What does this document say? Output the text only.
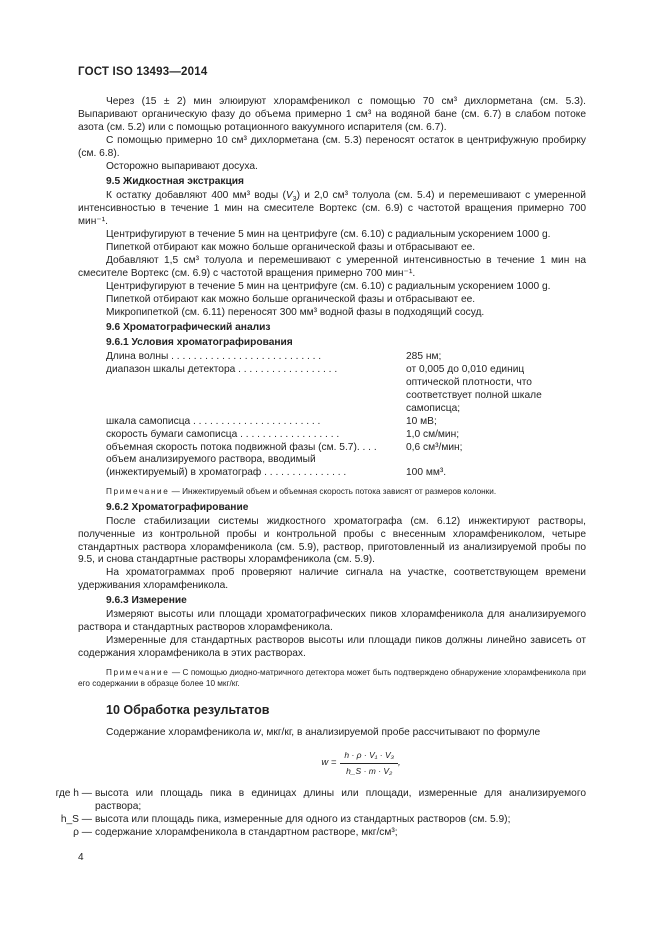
ГОСТ ISO 13493—2014

Через (15 ± 2) мин элюируют хлорамфеникол с помощью 70 см³ дихлорметана (см. 5.3). Выпаривают органическую фазу до объема примерно 1 см³ на водяной бане (см. 6.7) в слабом потоке азота (см. 5.2) или с помощью ротационного вакуумного испарителя (см. 6.7).

С помощью примерно 10 см³ дихлорметана (см. 5.3) переносят остаток в центрифужную пробирку (см. 6.8).

Осторожно выпаривают досуха.

9.5 Жидкостная экстракция

К остатку добавляют 400 мм³ воды $(V_3)$ и 2,0 см³ толуола (см. 5.4) и перемешивают с умеренной интенсивностью в течение 1 мин на смесителе Вортекс (см. 6.9) с частотой вращения примерно 700 мин⁻¹.

Центрифугируют в течение 5 мин на центрифуге (см. 6.10) с радиальным ускорением 1000 g.

Пипеткой отбирают как можно больше органической фазы и отбрасывают ее.

Добавляют 1,5 см³ толуола и перемешивают с умеренной интенсивностью в течение 1 мин на смесителе Вортекс (см. 6.9) с частотой вращения примерно 700 мин⁻¹.

Центрифугируют в течение 5 мин на центрифуге (см. 6.10) с радиальным ускорением 1000 g.

Пипеткой отбирают как можно больше органической фазы и отбрасывают ее.

Микропипеткой (см. 6.11) переносят 300 мм³ водной фазы в подходящий сосуд.

9.6 Хроматографический анализ
9.6.1 Условия хроматографирования
Длина волны . . . . . . . . . . . . . . . . . . . . . . . . . . .	285 нм;
диапазон шкалы детектора . . . . . . . . . . . . . . . . . .	от 0,005 до 0,010 единиц оптической плотности, что соответствует полной шкале самописца;
шкала самописца . . . . . . . . . . . . . . . . . . . . . . .	10 мВ;
скорость бумаги самописца . . . . . . . . . . . . . . . . . .	1,0 см/мин;
объемная скорость потока подвижной фазы (см. 5.7). . . .	0,6 см³/мин;
объем анализируемого раствора, вводимый
(инжектируемый) в хроматограф . . . . . . . . . . . . . . .	100 мм³.

Примечание — Инжектируемый объем и объемная скорость потока зависят от размеров колонки.

9.6.2 Хроматографирование

После стабилизации системы жидкостного хроматографа (см. 6.12) инжектируют растворы, полученные из контрольной пробы и контрольной пробы с внесенным хлорамфениколом, четыре стандартных раствора хлорамфеникола (см. 5.9), раствор, приготовленный из анализируемой пробы по 9.5, и снова стандартные растворы хлорамфеникола (см. 5.9).

На хроматограммах проб проверяют наличие сигнала на участке, соответствующем времени удерживания хлорамфеникола.

9.6.3 Измерение

Измеряют высоты или площади хроматографических пиков хлорамфеникола для анализируемого раствора и стандартных растворов хлорамфеникола.

Измеренные для стандартных растворов высоты или площади пиков должны линейно зависеть от содержания хлорамфеникола в этих растворах.

Примечание — С помощью диодно-матричного детектора может быть подтверждено обнаружение хлорамфеникола при его содержании в образце более 10 мкг/кг.

10 Обработка результатов

Содержание хлорамфеникола w, мкг/кг, в анализируемой пробе рассчитывают по формуле

$w = \frac{\text{h · ρ · V₁ · V₃}}{\text{h\_S · m · V₂}}$ ,
где h — высота или площадь пика в единицах длины или площади, измеренные для анализируемого раствора;
h_S — высота или площадь пика, измеренные для одного из стандартных растворов (см. 5.9);
ρ — содержание хлорамфеникола в стандартном растворе, мкг/см³;
4
